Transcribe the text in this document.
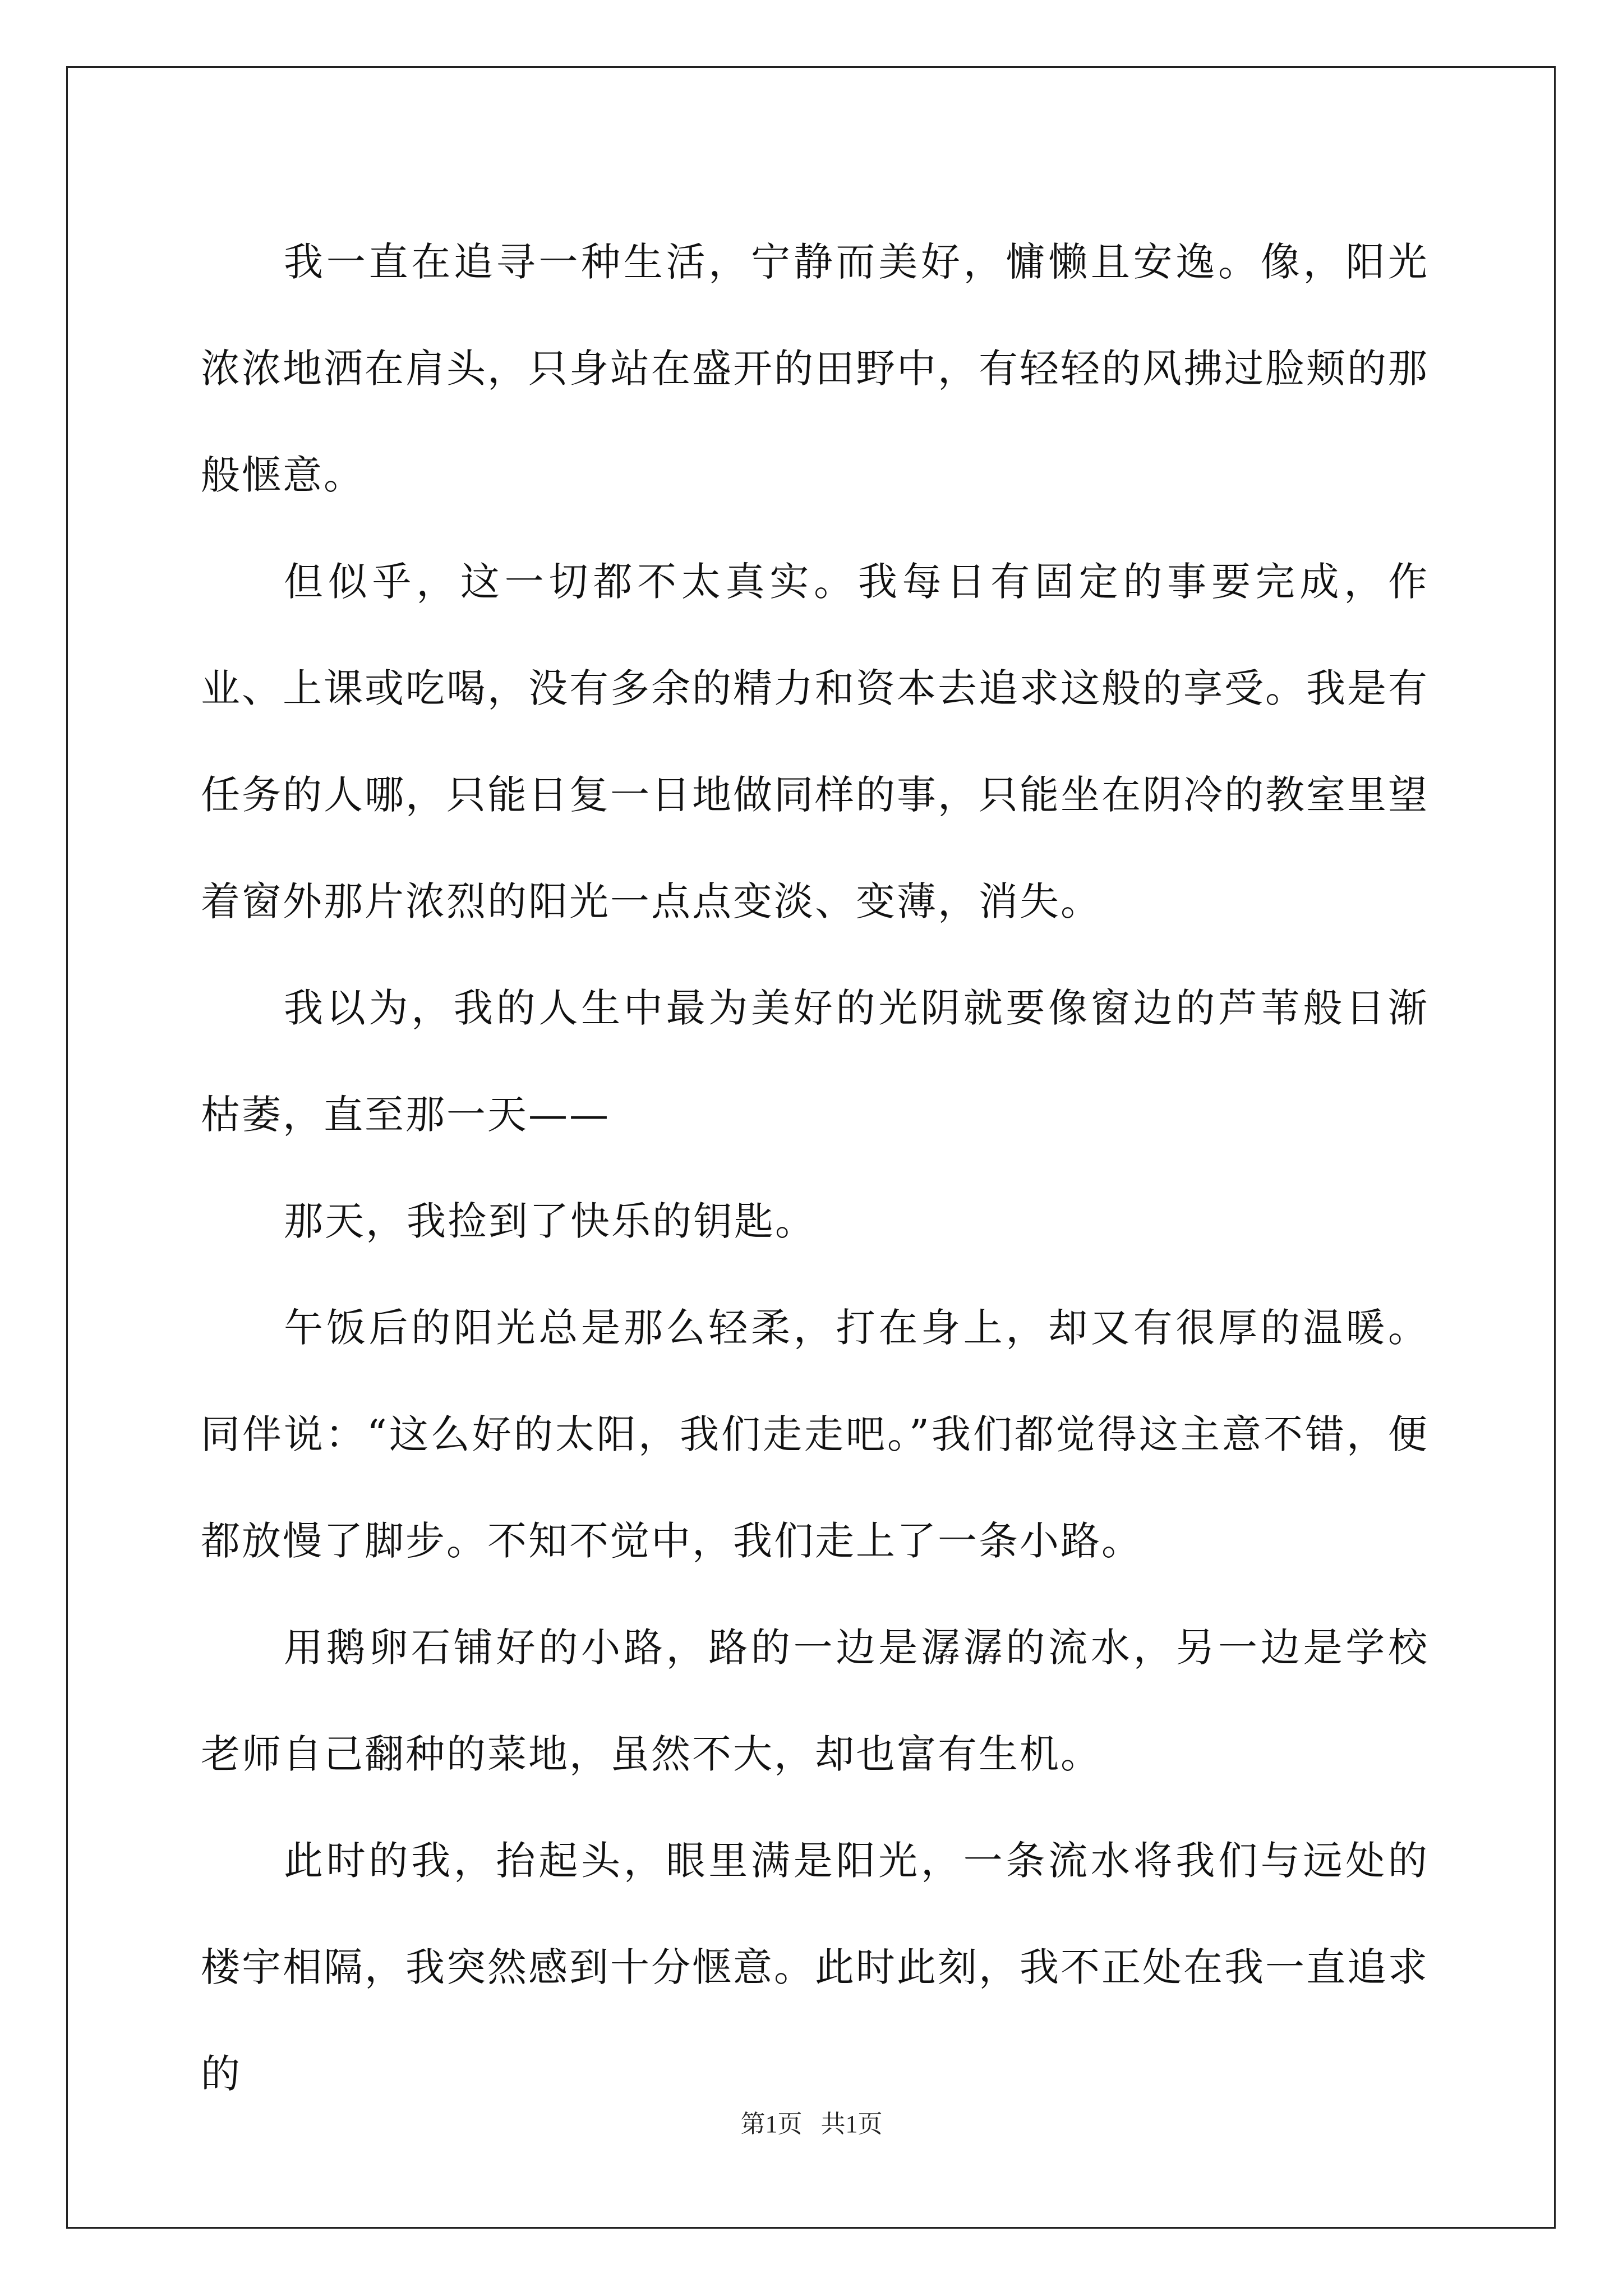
我一直在追寻一种生活，宁静而美好，慵懒且安逸。像，阳光浓浓地洒在肩头，只身站在盛开的田野中，有轻轻的风拂过脸颊的那般惬意。

但似乎，这一切都不太真实。我每日有固定的事要完成，作业、上课或吃喝，没有多余的精力和资本去追求这般的享受。我是有任务的人哪，只能日复一日地做同样的事，只能坐在阴冷的教室里望着窗外那片浓烈的阳光一点点变淡、变薄，消失。

我以为，我的人生中最为美好的光阴就要像窗边的芦苇般日渐枯萎，直至那一天——

那天，我捡到了快乐的钥匙。

午饭后的阳光总是那么轻柔，打在身上，却又有很厚的温暖。同伴说：“这么好的太阳，我们走走吧。”我们都觉得这主意不错，便都放慢了脚步。不知不觉中，我们走上了一条小路。

用鹅卵石铺好的小路，路的一边是潺潺的流水，另一边是学校老师自己翻种的菜地，虽然不大，却也富有生机。

此时的我，抬起头，眼里满是阳光，一条流水将我们与远处的楼宇相隔，我突然感到十分惬意。此时此刻，我不正处在我一直追求的

第1页   共1页
